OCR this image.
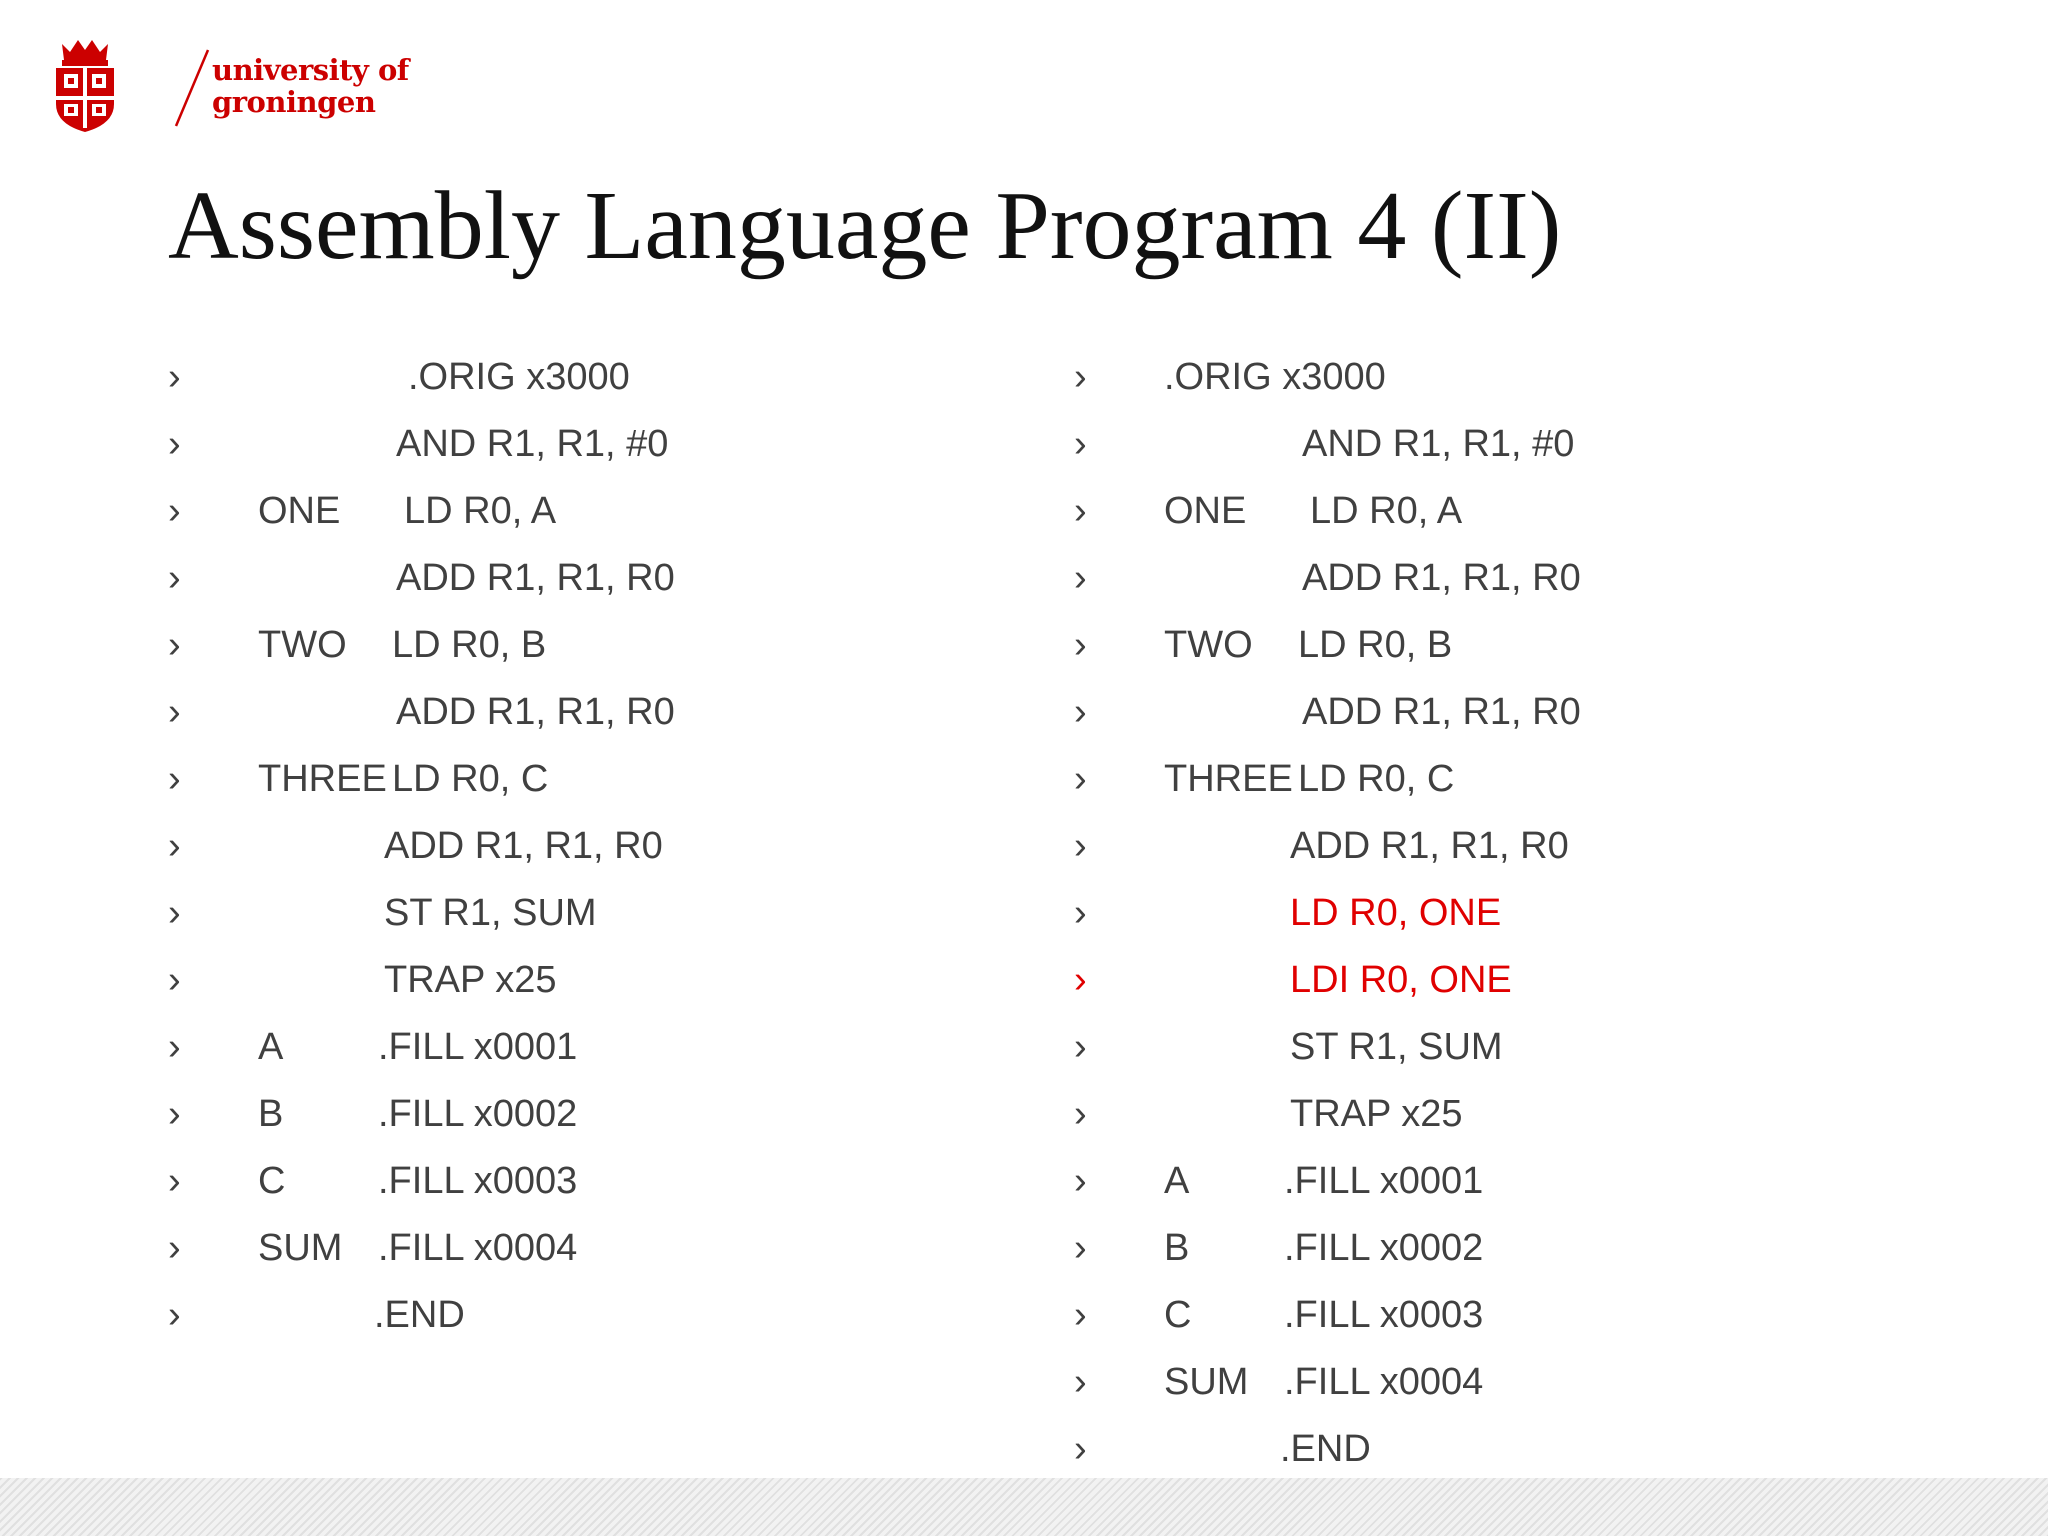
university of
groningen
Assembly Language Program 4 (II)
›	.ORIG x3000
›	AND R1, R1, #0
› ONE LD R0, A
›	ADD R1, R1, R0
› TWO LD R0, B
›	ADD R1, R1, R0
› THREE LD R0, C
›	ADD R1, R1, R0
›	ST R1, SUM
›	TRAP x25
› A .FILL x0001
› B .FILL x0002
› C .FILL x0003
› SUM .FILL x0004
›	.END
› .ORIG x3000
›	AND R1, R1, #0
› ONE LD R0, A
›	ADD R1, R1, R0
› TWO LD R0, B
›	ADD R1, R1, R0
› THREE LD R0, C
›	ADD R1, R1, R0
›	LD R0, ONE
›	LDI R0, ONE
›	ST R1, SUM
›	TRAP x25
› A .FILL x0001
› B .FILL x0002
› C .FILL x0003
› SUM .FILL x0004
›	.END
